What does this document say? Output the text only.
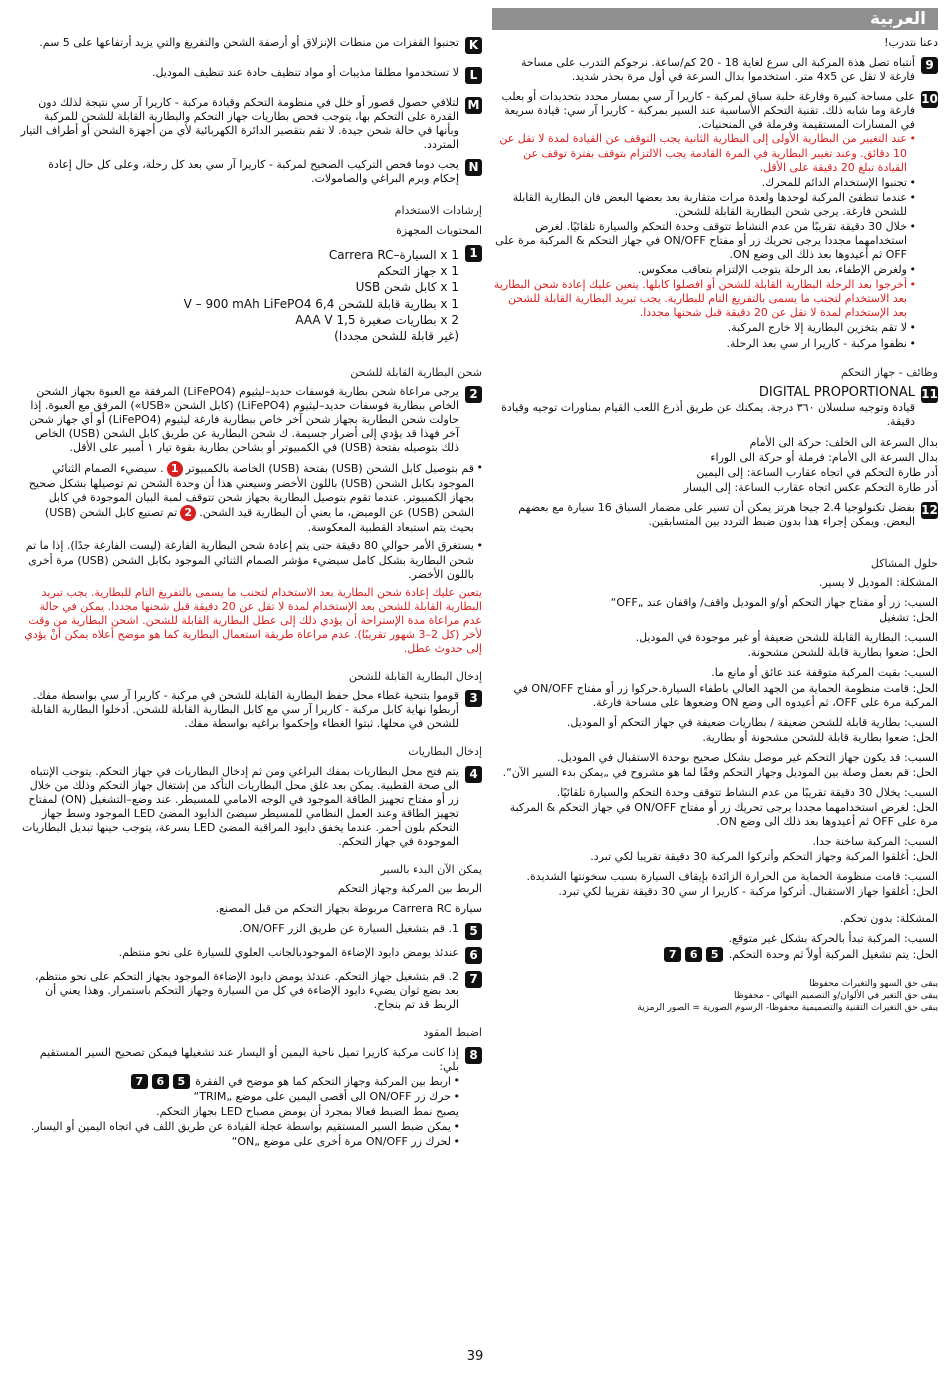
العربية
دعنا نتدرب!
9
أنتباه تصل هذة المركبة الى سرع لغاية 18 - 20 كم/ساعة. نرجوكم التدرب على مساحة فارغة لا تقل عن 4x5 متر. استخدموا بدال السرعة في أول مرة بحذر شديد.
10
على مساحة كبيرة وفارغة حلبة سباق لمركبة - كاريرا آر سي بمسار محدد بتحديدات أو بعلب فارغة وما شابه ذلك. تقنية التحكم الأساسية عند السير بمركبة - كاريرا آر سي: قيادة سريعة في المسارات المستقيمة وفرملة في المنحنيات.
• عند التغيير من البطارية الأولى إلى البطارية الثانية يجب التوقف عن القيادة لمدة لا تقل عن 10 دقائق. وعند تغيير البطارية في المرة القادمة يجب الالتزام بتوقف بفترة توقف عن القيادة تبلغ 20 دقيقة على الأقل.
• تجنبوا الإستخدام الدائم للمحرك.
• عندما تنطفئ المركبة لوحدها ولعدة مرات متقاربة بعد بعضها البعض فان البطارية القابلة للشحن فارغة. يرجى شحن البطارية القابلة للشحن.
• خلال 30 دقيقة تقريبًا من عدم النشاط تتوقف وحدة التحكم والسيارة تلقائيًا. لغرض استخدامهما مجددا يرجى تحريك زر أو مفتاح ON/OFF في جهاز التحكم & المركبة مرة على OFF ثم أعيدوها بعد ذلك الى وضع ON.
• ولغرض الإطفاء، بعد الرحلة يتوجب الإلتزام بتعاقب معكوس.
• أخرجوا بعد الرحلة البطارية القابلة للشحن أو افصلوا كابلها. يتعين عليك إعادة شحن البطارية بعد الاستخدام لتجنب ما يسمى بالتفريغ التام للبطارية. يجب تبريد البطارية القابلة للشحن بعد الإستخدام لمدة لا تقل عن 20 دقيقة قبل شحنها مجددا.
• لا تقم بتخزين البطارية إلا خارج المركبة.
• نظفوا مركبة - كاريرا ار سي بعد الرحلة.
وظائف - جهاز التحكم
11
DIGITAL PROPORTIONAL
قيادة وتوجيه سلسلان ٣٦٠ درجة. يمكنك عن طريق أذرع اللعب القيام بمناورات توجيه وقيادة دقيقة.
بدال السرعة الى الخلف: حركة الى الأمام
بدال السرعة الى الأمام: فرملة أو حركة الى الوراء
أدر طارة التحكم في اتجاه عقارب الساعة: إلى اليمين
أدر طارة التحكم عكس اتجاه عقارب الساعة: إلى اليسار
12
بفضل تكنولوجيا 2.4 جيجا هرتز يمكن أن تسير على مضمار السباق 16 سيارة مع بعضهم البعض. ويمكن إجراء هذا بدون ضبط التردد بين المتسابقين.
حلول المشاكل
المشكلة: الموديل لا يسير.
السبب: زر أو مفتاح جهاز التحكم أو/و الموديل واقف/ واقفان عند „OFF“
الحل: تشغيل
السبب: البطارية القابلة للشحن ضعيفة أو غير موجودة في الموديل.
الحل: ضعوا بطارية قابلة للشحن مشحونة.
السبب: بقيت المركبة متوقفة عند عائق أو مانع ما.
الحل: قامت منظومة الحماية من الجهد العالي باطفاء السيارة.حركوا زر أو مفتاح ON/OFF في المركبة مرة على OFF، ثم أعيدوه الى وضع ON وضعوها على مساحة فارغة.
السبب: بطارية قابلة للشحن ضعيفة / بطاريات ضعيفة في جهاز التحكم أو الموديل.
الحل: ضعوا بطارية قابلة للشحن مشحونة أو بطارية.
السبب: قد يكون جهاز التحكم غير موصل بشكل صحيح بوحدة الاستقبال في الموديل.
الحل: قم بعمل وصلة بين الموديل وجهاز التحكم وفقًا لما هو مشروح في „يمكن بدء السير الآن“.
السبب: يخلال 30 دقيقة تقريبًا من عدم النشاط تتوقف وحدة التحكم والسيارة تلقائيًا.
الحل: لغرض استخدامهما مجددا يرجى تحريك زر أو مفتاح ON/OFF في جهاز التحكم & المركبة مرة على OFF ثم أعيدوها بعد ذلك الى وضع ON.
السبب: المركبة ساخنة جدا.
الحل: أغلقوا المركبة وجهاز التحكم وأتركوا المركبة 30 دقيقة تقريبا لكي تبرد.
السبب: قامت منظومة الحماية من الحرارة الزائدة بإيقاف السيارة بسبب سخونتها الشديدة.
الحل: أغلقوا جهاز الاستقبال. أتركوا مركبة - كاريرا ار سي 30 دقيقة تقريبا لكي تبرد.
المشكلة: بدون تحكم.
السبب: المركبة تبدأ بالحركة بشكل غير متوقع.
الحل: يتم تشغيل المركبة أولاً ثم وحدة التحكم. 567
يبقى حق السهو والتغيرات محفوظا
يبقى حق التغير في الألوان/و التصميم النهائي - محفوظا
يبقى حق التغيرات التقنية والتصميمية محفوظا- الرسوم الصورية = الصور الرمزية
K
تجنبوا القفزات من منطات الإنزلاق أو أرصفة الشحن والتفريغ والتي يزيد أرتفاعها على 5 سم.
L
لا تستخدموا مطلقا مذيبات أو مواد تنظيف حادة عند تنظيف الموديل.
M
لتلافي حصول قصور أو خلل في منظومة التحكم وقيادة مركبة - كاريرا آر سي نتيجة لذلك دون القدرة على التحكم بها، يتوجب فحص بطاريات جهاز التحكم والبطارية القابلة للشحن للمركبة وبأنها في حالة شحن جيدة. لا تقم بتقصير الدائرة الكهربائية لأي من أجهزة الشحن أو أطراف التيار المتردد.
N
يجب دوما فحص التركيب الصحيح لمركبة - كاريرا آر سي بعد كل رحلة، وعلى كل حال إعادة إحكام وبرم البراغي والصامولات.
إرشادات الاستخدام
المحتويات المجهزة
1
1 x السيارة–Carrera RC
1 x جهاز التحكم
1 x كابل شحن USB
1 x بطارية قابلة للشحن 6,4 V – 900 mAh LiFePO4
2 x بطاريات صغيرة AAA V 1,5
(غير قابلة للشحن مجددا)
شحن البطارية القابلة للشحن
2
يرجى مراعاة شحن بطارية فوسفات حديد–ليثيوم (LiFePO4) المرفقة مع العبوة بجهاز الشحن الخاص ببطارية فوسفات حديد–ليثيوم (LiFePO4) (كابل الشحن «USB») المرفق مع العبوة. إذا حاولت شحن البطارية بجهاز شحن آخر خاص ببطارية فارغة ليثيوم (LiFePO4) أو أي جهاز شحن آخر فهذا قد يؤدي إلى أضرار جسيمة. ك شحن البطارية عن طريق كابل الشحن (USB) الخاص ذلك بتوصيله بفتحة (USB) في الكمبيوتر أو بشاحن بطارية بقوة تيار ١ أمبير على الأقل.
• قم بتوصيل كابل الشحن (USB) بفتحة (USB) الخاصة بالكمبيوتر1. سيضيء الصمام الثنائي الموجود بكابل الشحن (USB) باللون الأخضر وسيعني هذا أن وحدة الشحن تم توصيلها بشكل صحيح بجهاز الكمبيوتر. عندما تقوم بتوصيل البطارية بجهاز شحن تتوقف لمبة البيان الموجودة في كابل الشحن (USB) عن الوميض، ما يعني أن البطارية قيد الشحن.2تم تصنيع كابل الشحن (USB) بحيث يتم استبعاد القطبية المعكوسة.
• يستغرق الأمر حوالي 80 دقيقة حتى يتم إعادة شحن البطارية الفارغة (ليست الفارغة جدًا). إذا ما تم شحن البطارية بشكل كامل سيضيء مؤشر الصمام الثنائي الموجود بكابل الشحن (USB) مرة أخرى باللون الأخضر.
يتعين عليك إعادة شحن البطارية بعد الاستخدام لتجنب ما يسمى بالتفريغ التام للبطارية. يجب تبريد البطارية القابلة للشحن بعد الإستخدام لمدة لا تقل عن 20 دقيقة قبل شحنها مجددا. يمكن في حالة عدم مراعاة مدة الإستراحة أن يؤدي ذلك إلى عطل البطارية القابلة للشحن. اشحن البطارية من وقت لأخر (كل 2–3 شهور تقريبًا). عدم مراعاة طريقة استعمال البطارية كما هو موضح أعلاه يمكن أنْ يؤدي إلى حدوث عطل.
إدخال البطارية القابلة للشحن
3
قوموا بتنحية غطاء محل حفظ البطارية القابلة للشحن في مركبة - كاريرا آر سي بواسطة مفك. أربطوا نهاية كابل مركبة - كاريرا آر سي مع كابل البطارية القابلة للشحن. أدخلوا البطارية القابلة للشحن في محلها. ثبتوا الغطاء وإحكموا براغيه بواسطة مفك.
إدخال البطاريات
4
يتم فتح محل البطاريات بمفك البراغي ومن ثم إدخال البطاريات في جهاز التحكم. يتوجب الإنتباه الى صحة القطبية. يمكن بعد غلق محل البطاريات التأكد من إشتغال جهاز التحكم وذلك من خلال زر أو مفتاح تجهيز الطاقة الموجود في الوجه الامامي للمسيطر. عند وضع–التشغيل (ON) لمفتاح تجهيز الطاقة وعند العمل النظامي للمسيطر سيضئ الدايود المضئ LED الموجود وسط جهاز التحكم بلون أحمر. عندما يخفق دايود المراقبة المضئ LED بسرعة، يتوجب حينها تبديل البطاريات الموجودة في جهاز التحكم.
يمكن الآن البدء بالسير
الربط بين المركبة وجهاز التحكم
سيارة Carrera RC مربوطة بجهاز التحكم من قبل المصنع.
5
1. قم بتشغيل السيارة عن طريق الزر ON/OFF.
6
عندئذ يومض دايود الإضاءة الموجودبالجانب العلوي للسيارة على نحو منتظم.
7
2. قم بتشغيل جهاز التحكم. عندئذ يومض دايود الإضاءة الموجود بجهاز التحكم على نحو منتظم، بعد بضع ثوان يضيء دايود الإضاءة في كل من السيارة وجهاز التحكم باستمرار. وهذا يعني أن الربط قد تم بنجاح.
اضبط المقود
8
إذا كانت مركبة كاريرا تميل ناحية اليمين أو اليسار عند تشغيلها فيمكن تصحيح السير المستقيم بلي:
• اربط بين المركبة وجهاز التحكم كما هو موضح في الفقرة 567
• حرك زر ON/OFF الى أقصى اليمين على موضع „TRIM“
يصبح نمط الضبط فعالا بمجرد أن يومض مصباح LED بجهاز التحكم.
• يمكن ضبط السير المستقيم بواسطة عجلة القيادة عن طريق اللف في اتجاه اليمين أو اليسار.
• لحرك زر ON/OFF مرة أخرى على موضع „ON“
39
